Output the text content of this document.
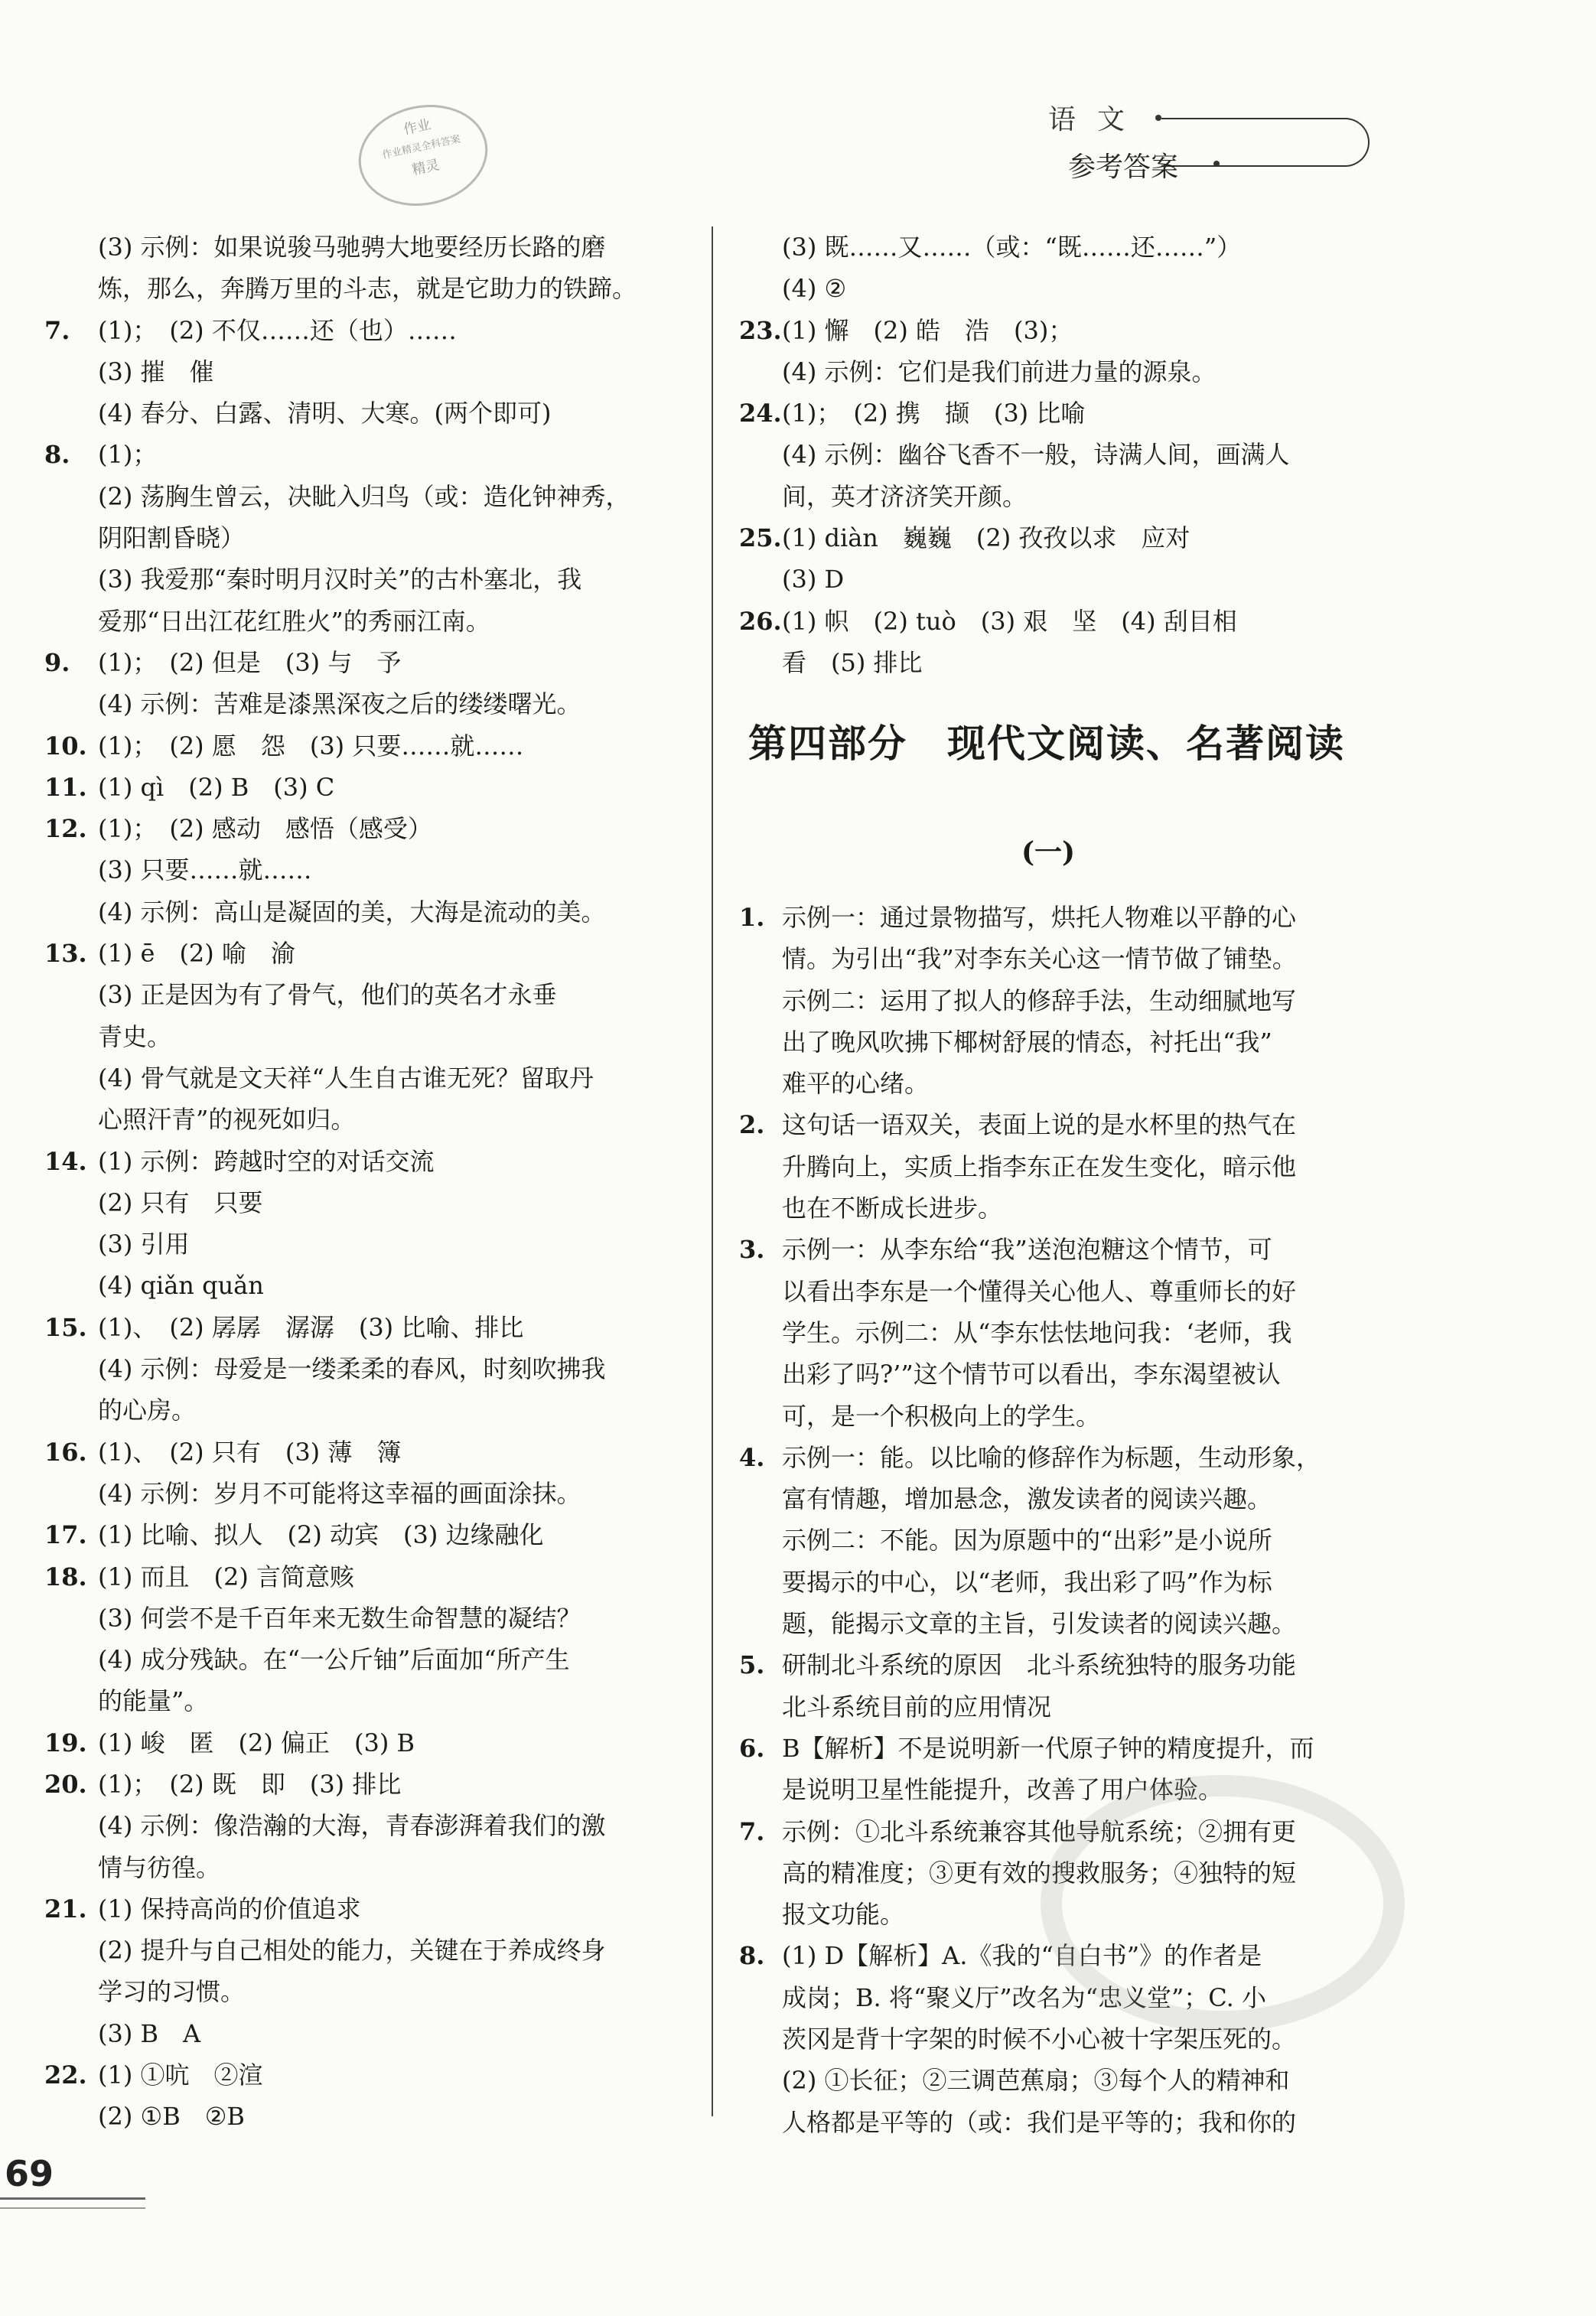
作业
作业精灵全科答案
精灵
语文
参考答案
(3) 示例：如果说骏马驰骋大地要经历长路的磨
炼，那么，奔腾万里的斗志，就是它助力的铁蹄。
7.	(1)；　(2) 不仅……还（也）……
(3) 摧　催
(4) 春分、白露、清明、大寒。(两个即可)
8.	(1)；
(2) 荡胸生曾云，决眦入归鸟（或：造化钟神秀，
阴阳割昏晓）
(3) 我爱那“秦时明月汉时关”的古朴塞北，我
爱那“日出江花红胜火”的秀丽江南。
9.	(1)；　(2) 但是　(3) 与　予
(4) 示例：苦难是漆黑深夜之后的缕缕曙光。
10. (1)；　(2) 愿　怨　(3) 只要……就……
11. (1) qì　(2) B　(3) C
12. (1)；　(2) 感动　感悟（感受）
(3) 只要……就……
(4) 示例：高山是凝固的美，大海是流动的美。
13. (1) ē　(2) 喻　渝
(3) 正是因为有了骨气，他们的英名才永垂
青史。
(4) 骨气就是文天祥“人生自古谁无死？留取丹
心照汗青”的视死如归。
14. (1) 示例：跨越时空的对话交流
(2) 只有　只要
(3) 引用
(4) qiǎn quǎn
15. (1)、　(2) 孱孱　潺潺　(3) 比喻、排比
(4) 示例：母爱是一缕柔柔的春风，时刻吹拂我
的心房。
16. (1)、　(2) 只有　(3) 薄　簿
(4) 示例：岁月不可能将这幸福的画面涂抹。
17. (1) 比喻、拟人　(2) 动宾　(3) 边缘融化
18. (1) 而且　(2) 言简意赅
(3) 何尝不是千百年来无数生命智慧的凝结？
(4) 成分残缺。在“一公斤铀”后面加“所产生
的能量”。
19. (1) 峻　匿　(2) 偏正　(3) B
20. (1)；　(2) 既　即　(3) 排比
(4) 示例：像浩瀚的大海，青春澎湃着我们的激
情与彷徨。
21. (1) 保持高尚的价值追求
(2) 提升与自己相处的能力，关键在于养成终身
学习的习惯。
(3) B　A
22. (1) ①吭　②渲
(2) ①B　②B
(3) 既……又……（或：“既……还……”）
(4) ②
23. (1) 懈　(2) 皓　浩　(3)；
(4) 示例：它们是我们前进力量的源泉。
24. (1)；　(2) 携　撷　(3) 比喻
(4) 示例：幽谷飞香不一般，诗满人间，画满人
间，英才济济笑开颜。
25. (1) diàn　巍巍　(2) 孜孜以求　应对
(3) D
26. (1) 帜　(2) tuò　(3) 艰　坚　(4) 刮目相
看　(5) 排比
第四部分　现代文阅读、名著阅读
(一)
1. 示例一：通过景物描写，烘托人物难以平静的心
情。为引出“我”对李东关心这一情节做了铺垫。
示例二：运用了拟人的修辞手法，生动细腻地写
出了晚风吹拂下椰树舒展的情态，衬托出“我”
难平的心绪。
2. 这句话一语双关，表面上说的是水杯里的热气在
升腾向上，实质上指李东正在发生变化，暗示他
也在不断成长进步。
3. 示例一：从李东给“我”送泡泡糖这个情节，可
以看出李东是一个懂得关心他人、尊重师长的好
学生。示例二：从“李东怯怯地问我：‘老师，我
出彩了吗?’”这个情节可以看出，李东渴望被认
可，是一个积极向上的学生。
4. 示例一：能。以比喻的修辞作为标题，生动形象，
富有情趣，增加悬念，激发读者的阅读兴趣。
示例二：不能。因为原题中的“出彩”是小说所
要揭示的中心，以“老师，我出彩了吗”作为标
题，能揭示文章的主旨，引发读者的阅读兴趣。
5. 研制北斗系统的原因　北斗系统独特的服务功能
北斗系统目前的应用情况
6. B【解析】不是说明新一代原子钟的精度提升，而
是说明卫星性能提升，改善了用户体验。
7. 示例：①北斗系统兼容其他导航系统；②拥有更
高的精准度；③更有效的搜救服务；④独特的短
报文功能。
8. (1) D【解析】A.《我的“自白书”》的作者是
成岗；B. 将“聚义厅”改名为“忠义堂”；C. 小
茨冈是背十字架的时候不小心被十字架压死的。
(2) ①长征；②三调芭蕉扇；③每个人的精神和
人格都是平等的（或：我们是平等的；我和你的
69
